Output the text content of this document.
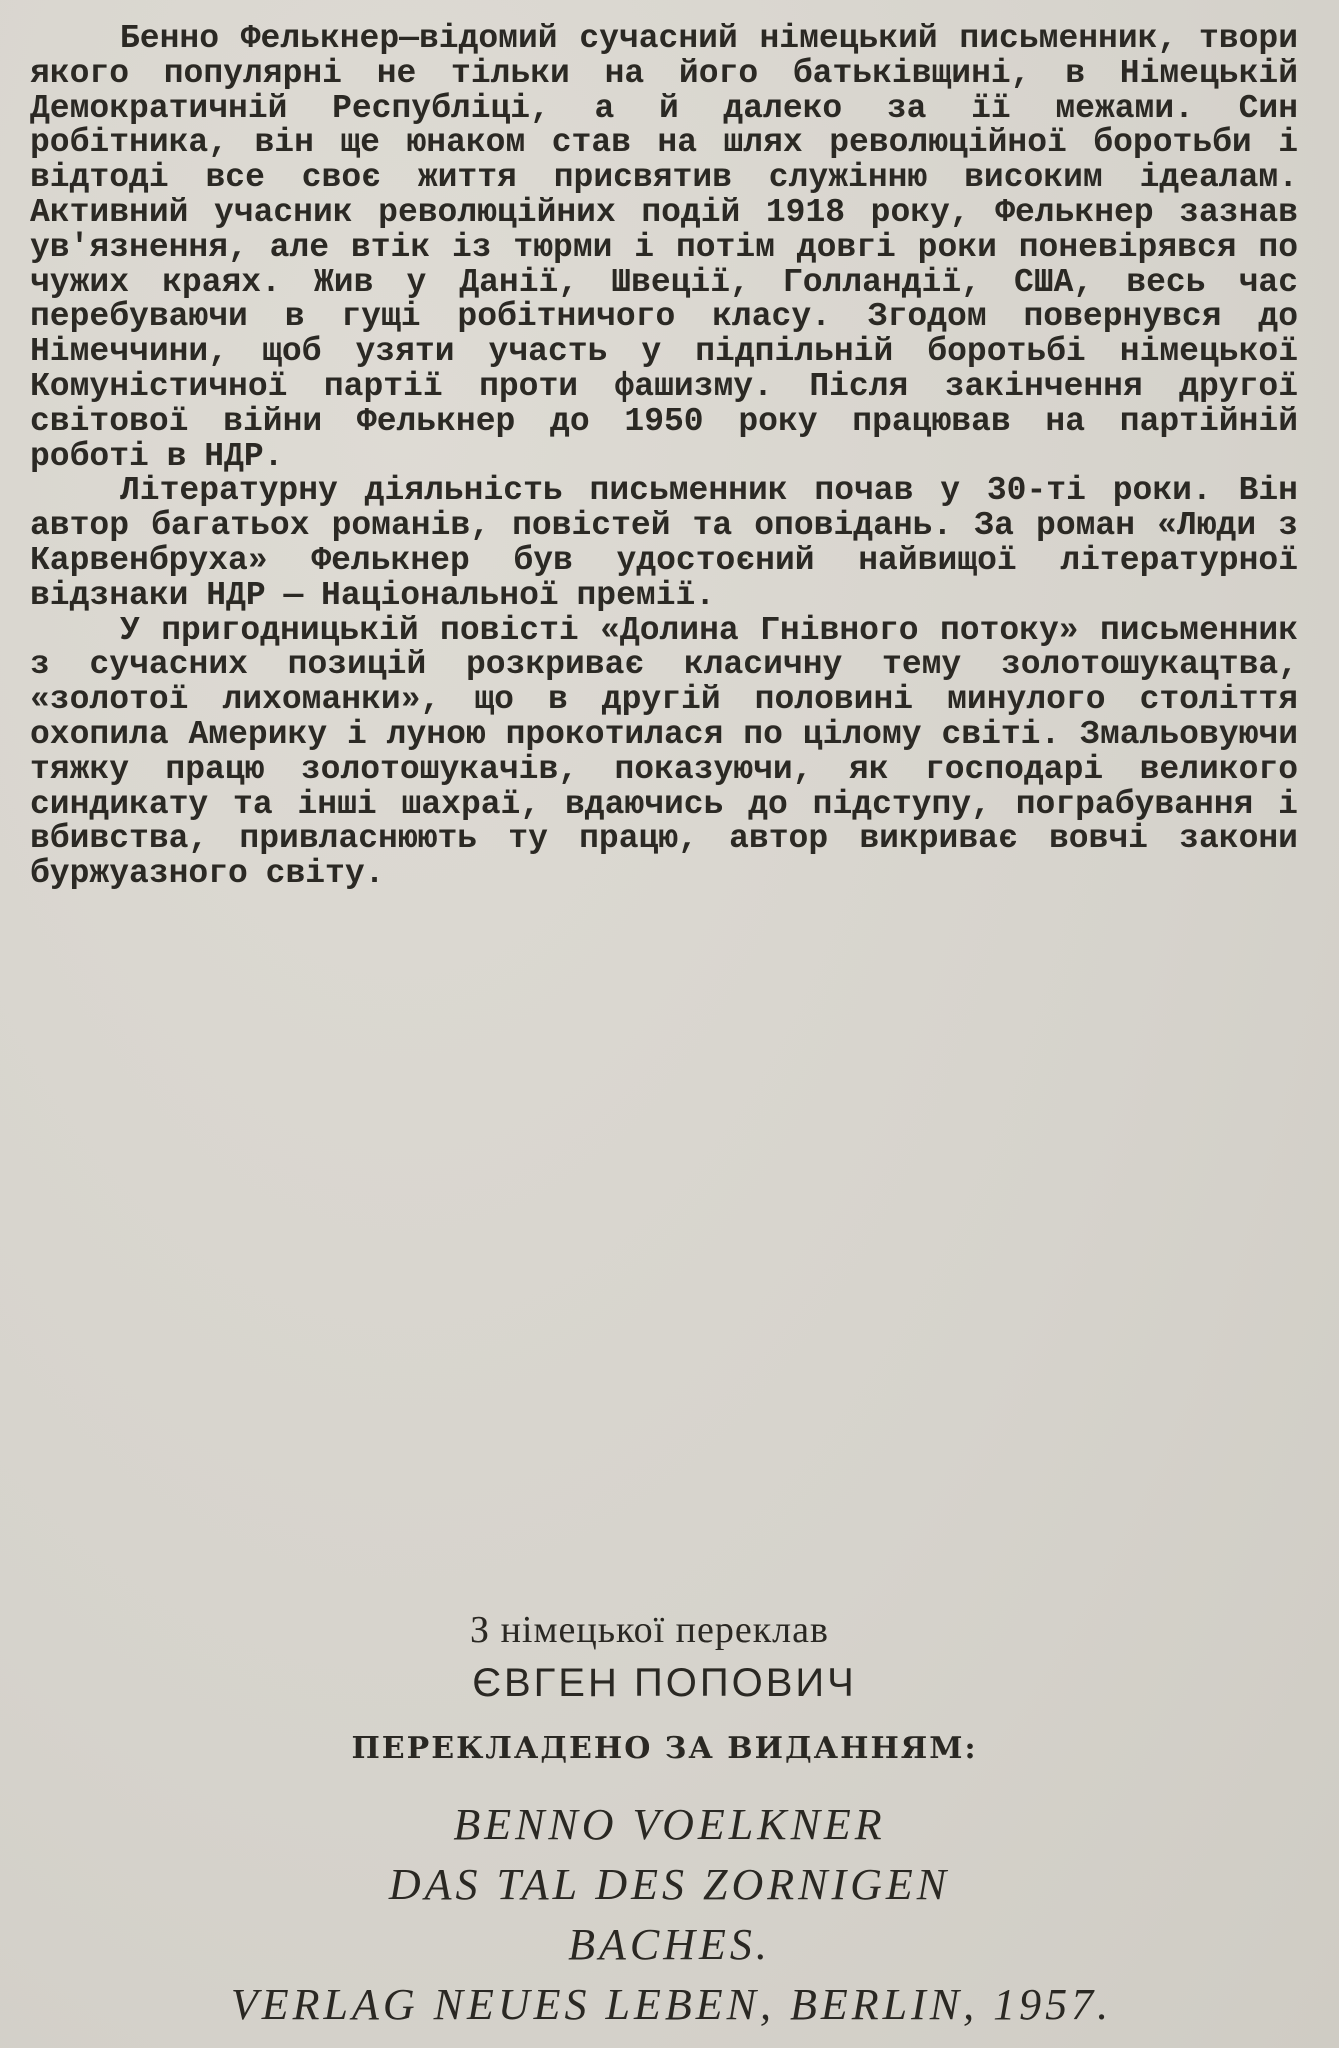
Бенно Фелькнер—відомий сучасний німецький письменник, твори якого популярні не тільки на його батьківщині, в Німецькій Демократичній Республіці, а й далеко за її межами. Син робітника, він ще юнаком став на шлях революційної боротьби і відтоді все своє життя присвятив служінню високим ідеалам. Активний учасник революційних подій 1918 року, Фелькнер зазнав ув'язнення, але втік із тюрми і потім довгі роки поневірявся по чужих краях. Жив у Данії, Швеції, Голландії, США, весь час перебуваючи в гущі робітничого класу. Згодом повернувся до Німеччини, щоб узяти участь у підпільній боротьбі німецької Комуністичної партії проти фашизму. Після закінчення другої світової війни Фелькнер до 1950 року працював на партійній роботі в НДР.

Літературну діяльність письменник почав у 30-ті роки. Він автор багатьох романів, повістей та оповідань. За роман «Люди з Карвенбруха» Фелькнер був удостоєний найвищої літературної відзнаки НДР — Національної премії.

У пригодницькій повісті «Долина Гнівного потоку» письменник з сучасних позицій розкриває класичну тему золотошукацтва, «золотої лихоманки», що в другій половині минулого століття охопила Америку і луною прокотилася по цілому світі. Змальовуючи тяжку працю золотошукачів, показуючи, як господарі великого синдикату та інші шахраї, вдаючись до підступу, пограбування і вбивства, привласнюють ту працю, автор викриває вовчі закони буржуазного світу.

З німецької переклав
ЄВГЕН ПОПОВИЧ
ПЕРЕКЛАДЕНО ЗА ВИДАННЯМ:
BENNO VOELKNER
DAS TAL DES ZORNIGEN
BACHES.
VERLAG NEUES LEBEN, BERLIN, 1957.
